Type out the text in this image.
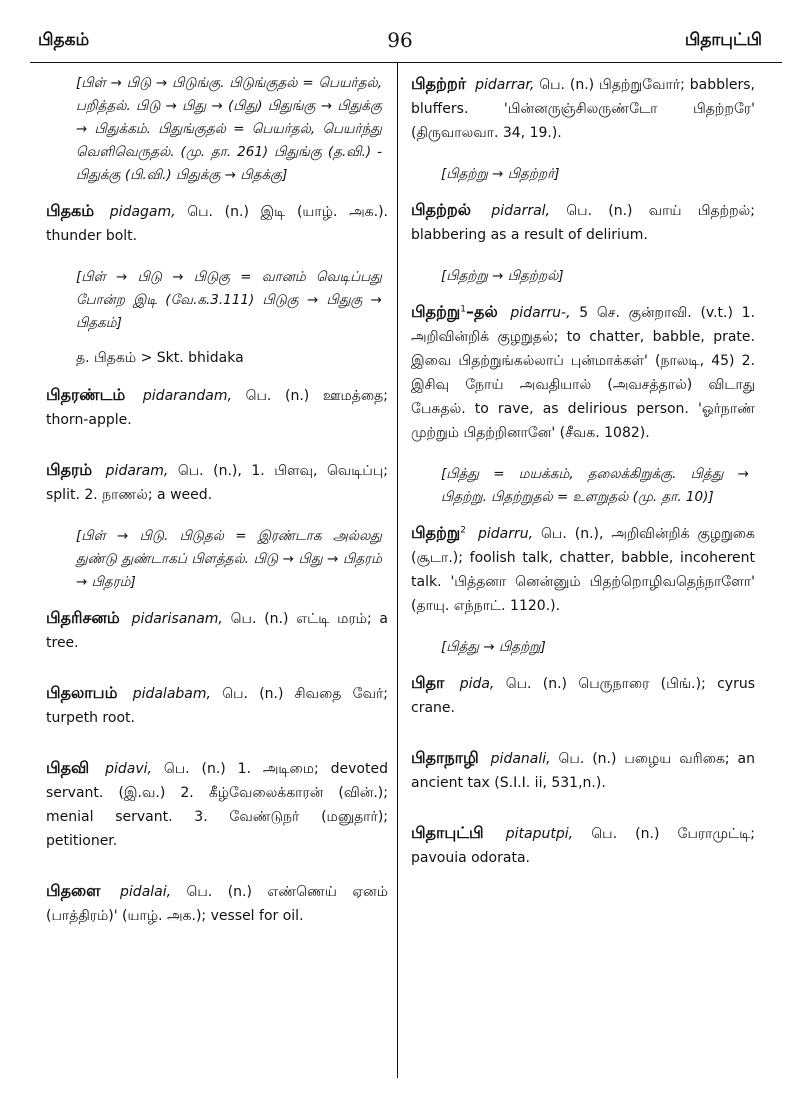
பிதகம்	96	பிதாபுட்பி
[பிள் → பிடு → பிடுங்கு. பிடுங்குதல் = பெயர்தல், பறித்தல். பிடு → பிது → (பிது) பிதுங்கு → பிதுக்கு → பிதுக்கம். பிதுங்குதல் = பெயர்தல், பெயர்ந்து வெளிவெருதல். (மு. தா. 261) பிதுங்கு (த.வி.) - பிதுக்கு (பி.வி.) பிதுக்கு → பிதக்கு]
பிதகம் pidagam, பெ. (n.) இடி (யாழ். அக.). thunder bolt.
[பிள் → பிடு → பிடுகு = வானம் வெடிப்பது போன்ற இடி (வே.க.3.111) பிடுகு → பிதுகு → பிதகம்]
த. பிதகம் > Skt. bhidaka
பிதரண்டம் pidarandam, பெ. (n.) ஊமத்தை; thorn-apple.
பிதரம் pidaram, பெ. (n.), 1. பிளவு, வெடிப்பு; split. 2. நாணல்; a weed.
[பிள் → பிடு. பிடுதல் = இரண்டாக அல்லது துண்டு துண்டாகப் பிளத்தல். பிடு → பிது → பிதரம் → பிதரம்]
பிதரிசனம் pidarisanam, பெ. (n.) எட்டி மரம்; a tree.
பிதலாபம் pidalabam, பெ. (n.) சிவதை வேர்; turpeth root.
பிதவி pidavi, பெ. (n.) 1. அடிமை; devoted servant. (இ.வ.) 2. கீழ்வேலைக்காரன் (வின்.); menial servant. 3. வேண்டுநர் (மனுதார்); petitioner.
பிதளை pidalai, பெ. (n.) எண்ணெய் ஏனம் (பாத்திரம்)' (யாழ். அக.); vessel for oil.
பிதற்றர் pidarrar, பெ. (n.) பிதற்றுவோர்; babblers, bluffers. 'பின்னருஞ்சிலருண்டோ பிதற்றரே' (திருவாலவா. 34, 19.).
[பிதற்று → பிதற்றர்]
பிதற்றல் pidarral, பெ. (n.) வாய் பிதற்றல்; blabbering as a result of delirium.
[பிதற்று → பிதற்றல்]
பிதற்று$^1$–தல் pidarru-, 5 செ. குன்றாவி. (v.t.) 1. அறிவின்றிக் குழறுதல்; to chatter, babble, prate. இவை பிதற்றுங்கல்லாப் புன்மாக்கள்' (நாலடி, 45) 2. இசிவு நோய் அவதியால் (அவசத்தால்) விடாது பேசுதல். to rave, as delirious person. 'ஓர்நாண் முற்றும் பிதற்றினானே' (சீவக. 1082).
[பித்து = மயக்கம், தலைக்கிறுக்கு. பித்து → பிதற்று. பிதற்றுதல் = உளறுதல் (மு. தா. 10)]
பிதற்று$^2$ pidarru, பெ. (n.), அறிவின்றிக் குழறுகை (சூடா.); foolish talk, chatter, babble, incoherent talk. 'பித்தனா னென்னும் பிதற்றொழிவதெந்நாளோ' (தாயு. எந்நாட். 1120.).
[பித்து → பிதற்று]
பிதா pida, பெ. (n.) பெருநாரை (பிங்.); cyrus crane.
பிதாநாழி pidanali, பெ. (n.) பழைய வரிகை; an ancient tax (S.I.I. ii, 531,n.).
பிதாபுட்பி pitaputpi, பெ. (n.) பேராமுட்டி; pavouia odorata.
